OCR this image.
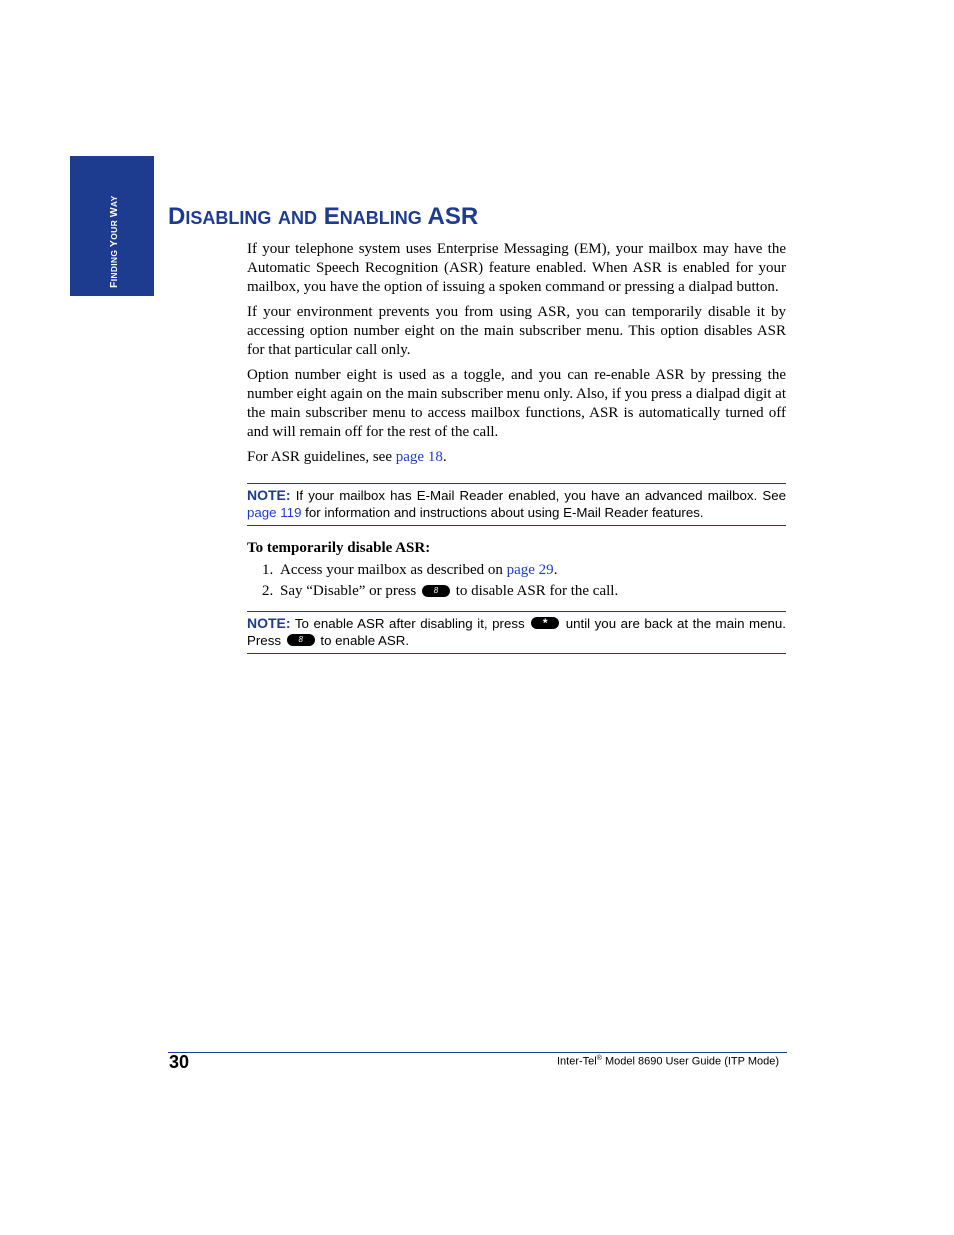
FINDING YOUR WAY
DISABLING AND ENABLING ASR

If your telephone system uses Enterprise Messaging (EM), your mailbox may have the Automatic Speech Recognition (ASR) feature enabled. When ASR is enabled for your mailbox, you have the option of issuing a spoken command or pressing a dialpad button.

If your environment prevents you from using ASR, you can temporarily disable it by accessing option number eight on the main subscriber menu. This option disables ASR for that particular call only.

Option number eight is used as a toggle, and you can re-enable ASR by pressing the number eight again on the main subscriber menu only. Also, if you press a dialpad digit at the main subscriber menu to access mailbox functions, ASR is automatically turned off and will remain off for the rest of the call.

For ASR guidelines, see page 18.

NOTE: If your mailbox has E-Mail Reader enabled, you have an advanced mailbox. See page 119 for information and instructions about using E-Mail Reader features.
To temporarily disable ASR:
1. Access your mailbox as described on page 29.
2. Say “Disable” or press 8 to disable ASR for the call.
NOTE: To enable ASR after disabling it, press * until you are back at the main menu. Press 8 to enable ASR.
30	Inter-Tel® Model 8690 User Guide (ITP Mode)
